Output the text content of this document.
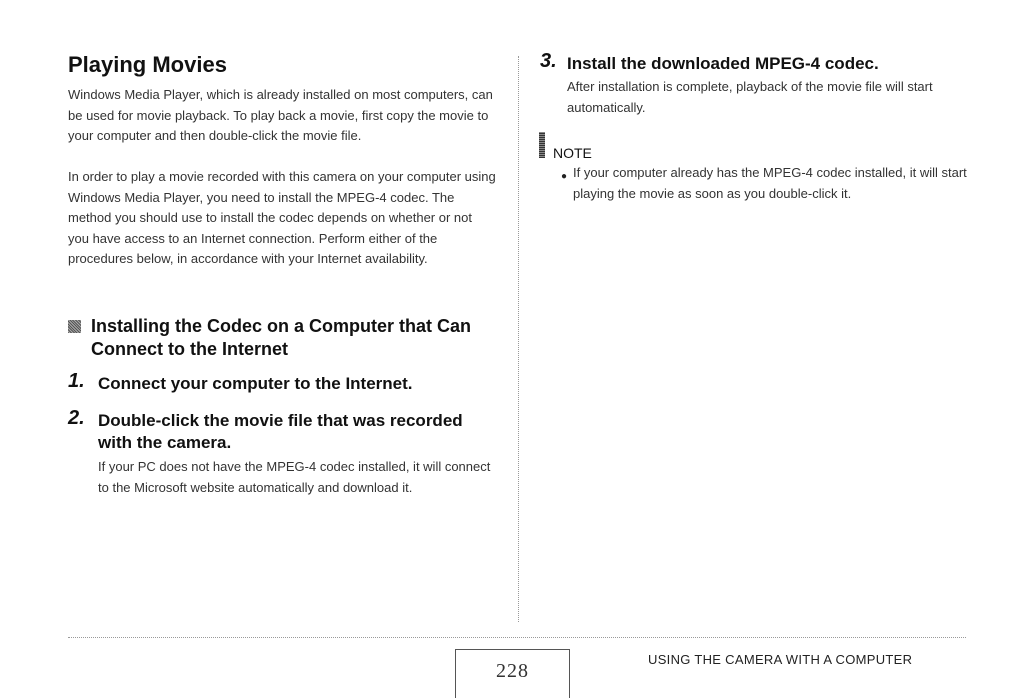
Playing Movies

Windows Media Player, which is already installed on most computers, can be used for movie playback. To play back a movie, first copy the movie to your computer and then double-click the movie file.

In order to play a movie recorded with this camera on your computer using Windows Media Player, you need to install the MPEG-4 codec. The method you should use to install the codec depends on whether or not you have access to an Internet connection. Perform either of the procedures below, in accordance with your Internet availability.

Installing the Codec on a Computer that Can Connect to the Internet
1. Connect your computer to the Internet.
2. Double-click the movie file that was recorded with the camera.

If your PC does not have the MPEG-4 codec installed, it will connect to the Microsoft website automatically and download it.

3. Install the downloaded MPEG-4 codec.

After installation is complete, playback of the movie file will start automatically.

NOTE
● If your computer already has the MPEG-4 codec installed, it will start playing the movie as soon as you double-click it.

228
USING THE CAMERA WITH A COMPUTER
